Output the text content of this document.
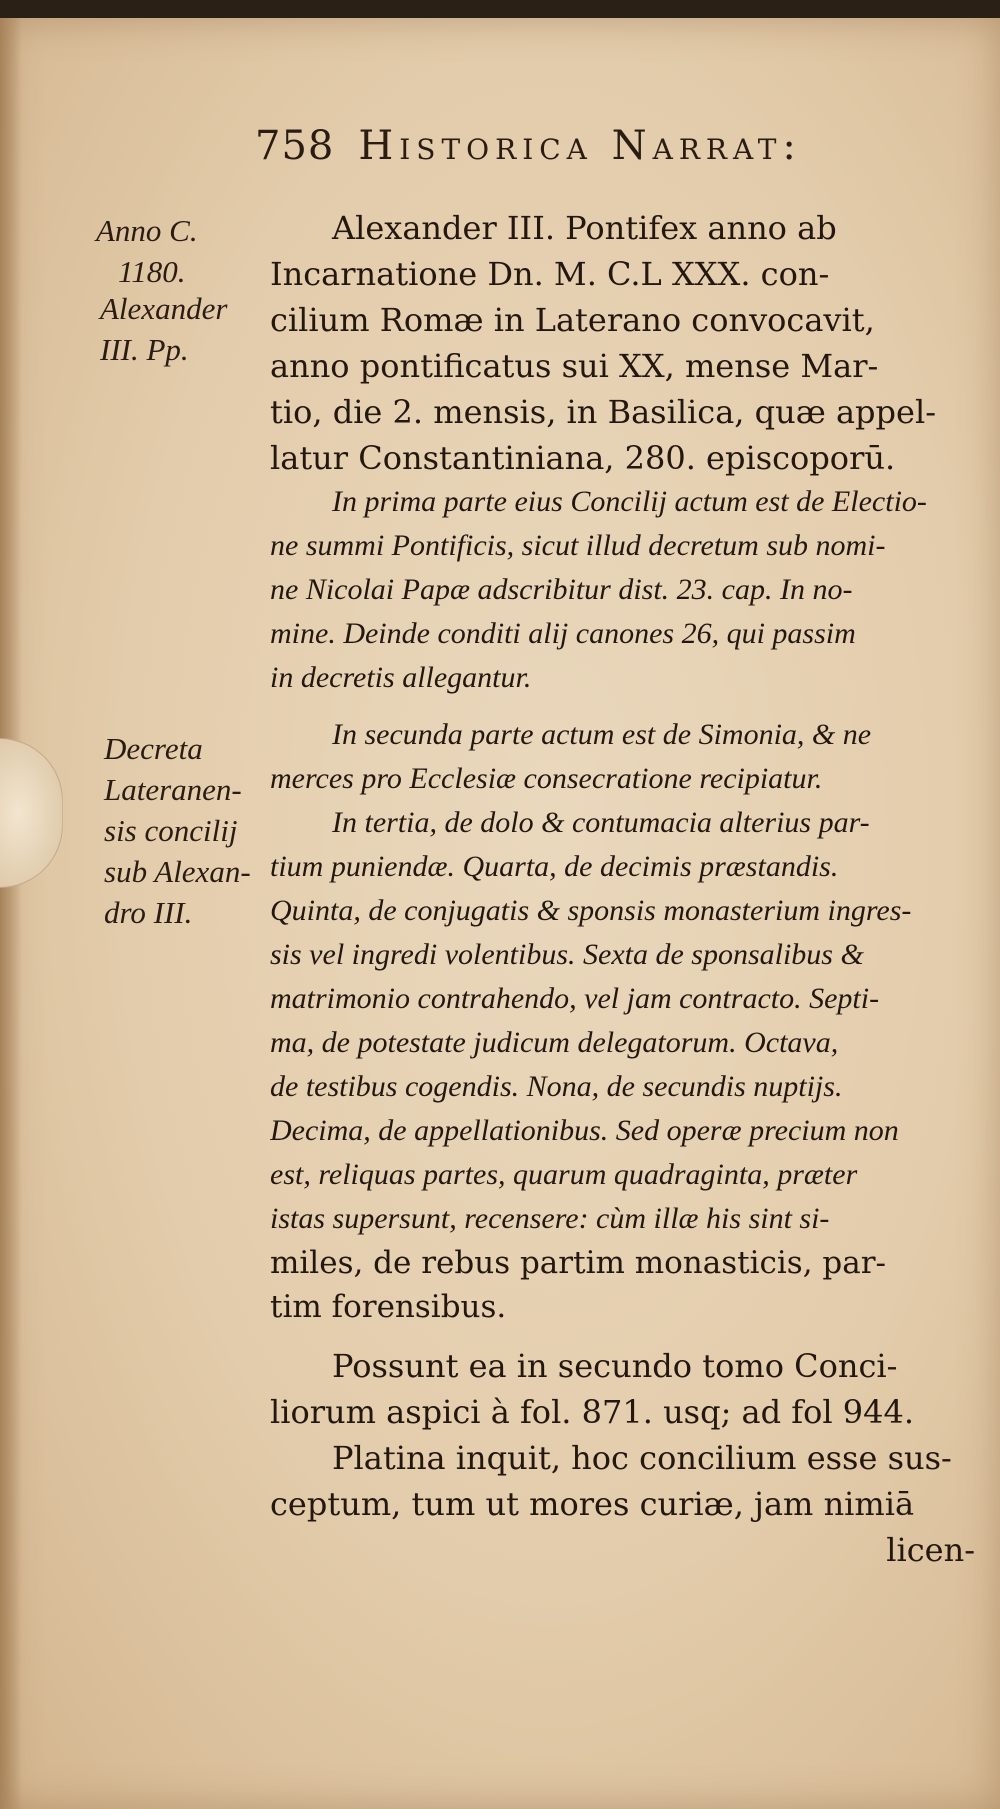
758 Historica Narrat:
Anno C.
1180.
Alexander
III. Pp.
Decreta
Lateranen-
sis concilij
sub Alexan-
dro III.
Alexander III. Pontifex anno ab
Incarnatione Dn. M. C.L XXX. con-
cilium Romæ in Laterano convocavit,
anno pontificatus sui XX, mense Mar-
tio, die 2. mensis, in Basilica, quæ appel-
latur Constantiniana, 280. episcoporū.
In prima parte eius Concilij actum est de Electio-
ne summi Pontificis, sicut illud decretum sub nomi-
ne Nicolai Papæ adscribitur dist. 23. cap. In no-
mine. Deinde conditi alij canones 26, qui passim
in decretis allegantur.
In secunda parte actum est de Simonia, & ne
merces pro Ecclesiæ consecratione recipiatur.
In tertia, de dolo & contumacia alterius par-
tium puniendæ. Quarta, de decimis præstandis.
Quinta, de conjugatis & sponsis monasterium ingres-
sis vel ingredi volentibus. Sexta de sponsalibus &
matrimonio contrahendo, vel jam contracto. Septi-
ma, de potestate judicum delegatorum. Octava,
de testibus cogendis. Nona, de secundis nuptijs.
Decima, de appellationibus. Sed operæ precium non
est, reliquas partes, quarum quadraginta, præter
istas supersunt, recensere: cùm illæ his sint si-
miles, de rebus partim monasticis, par-
tim forensibus.
Possunt ea in secundo tomo Conci-
liorum aspici à fol. 871. usq; ad fol 944.
Platina inquit, hoc concilium esse sus-
ceptum, tum ut mores curiæ, jam nimiā
licen-
